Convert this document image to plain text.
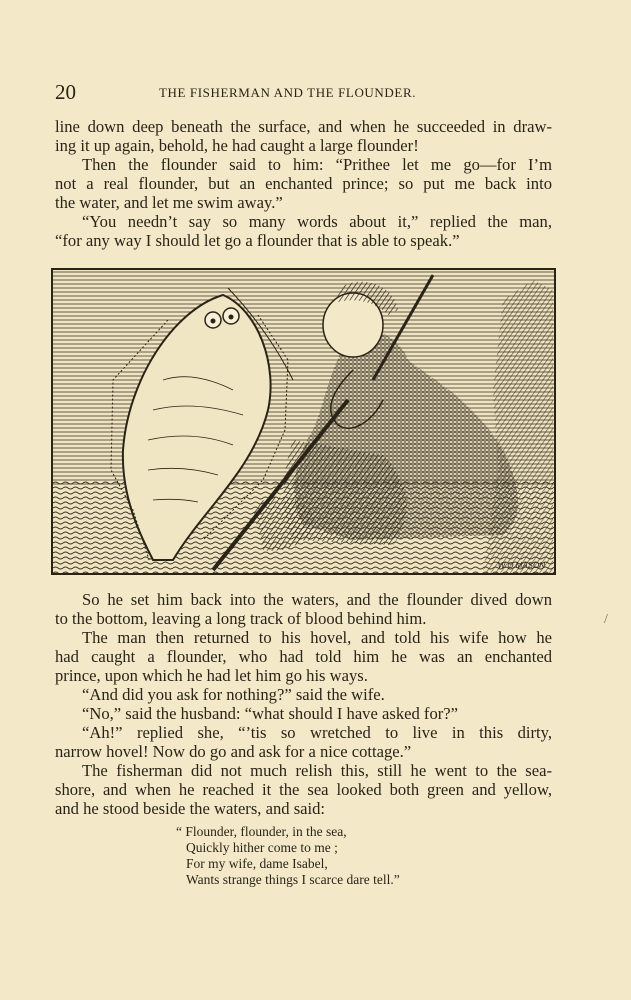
20	THE FISHERMAN AND THE FLOUNDER.
line down deep beneath the surface, and when he succeeded in draw-
ing it up again, behold, he had caught a large flounder!
Then the flounder said to him: “Prithee let me go—for I’m
not a real flounder, but an enchanted prince; so put me back into
the water, and let me swim away.”
“You needn’t say so many words about it,” replied the man,
“for any way I should let go a flounder that is able to speak.”
W.O.MASON
So he set him back into the waters, and the flounder dived down
to the bottom, leaving a long track of blood behind him.
The man then returned to his hovel, and told his wife how he
had caught a flounder, who had told him he was an enchanted
prince, upon which he had let him go his ways.
“And did you ask for nothing?” said the wife.
“No,” said the husband: “what should I have asked for?”
“Ah!” replied she, “’tis so wretched to live in this dirty,
narrow hovel! Now do go and ask for a nice cottage.”
The fisherman did not much relish this, still he went to the sea-
shore, and when he reached it the sea looked both green and yellow,
and he stood beside the waters, and said:
/
“ Flounder, flounder, in the sea,
Quickly hither come to me ;
For my wife, dame Isabel,
Wants strange things I scarce dare tell.”
